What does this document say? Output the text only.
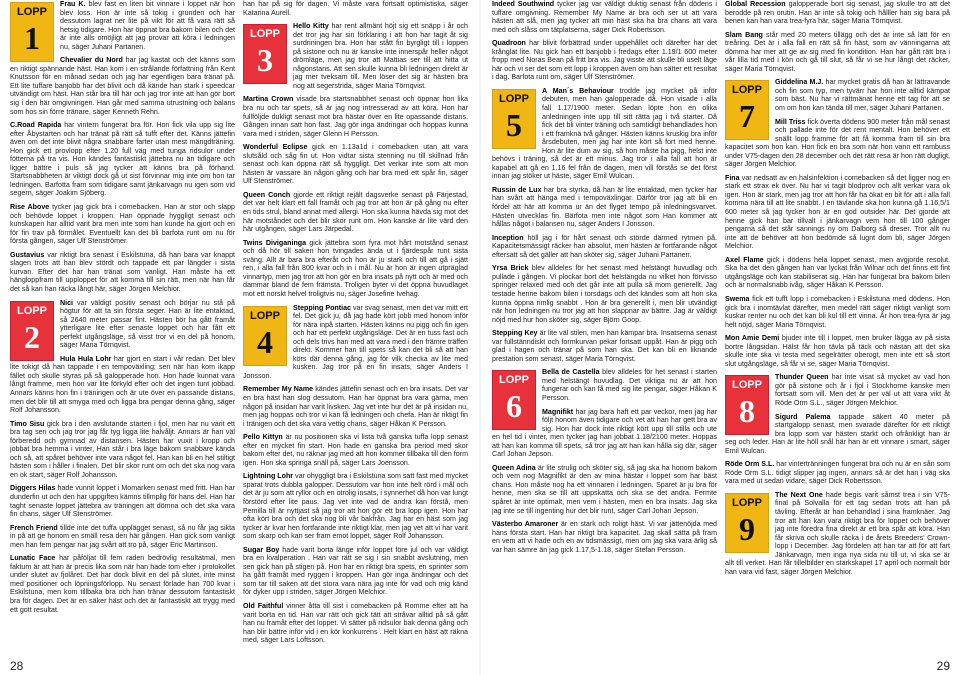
LOPP
1

Frau K. blev fast en liten bit vinnare i loppet när hon blev loss. Hon är inte så tokig i grunden och har dessutom lagrat ner lite på vikt för att få vara rätt så hetsig tidigare. Hon har öppnat bra bakom bilen och det är inte alls omöjligt att jag provar att köra i ledningen nu, säger Juhani Partanen.

Chevalier du Nord har jag kastat och det känns som en riktigt spännande häst. Han kom i en strålande författning från Kent Knutsson för en månad sedan och jag har egentligen bara tränat på. Ett lite tuffare banjobb har det blivit och då kände han stark i speedcar utvändigt om häst. Han står bra till här och jag tror inte att han gör bort sig i den här omgivningen. Han går med samma utrustning och balans som hos sin förre tränare, säger Kenneth Rehn.

C.Road Rapida har vintern fungerat bra för. Hon fick vila upp sig lite efter Åbystarten och har tränat på rätt så tufft efter det. Känns jättefin även om det inte blivit några snabbare farter utan mest mängdträning. Hon gick ett provlopp efter 1.20 full väg med tunga ridsulor under fötterna på tra vis. Hon kändes fantastiskt jättebra nu än tidigare och ligger bättre i puls så jag tycker att känns bra på förhand. Startsnabbheten är viktigt dock gå ut sist förvinnar mig inte om hon tar ledningen. Barfotta fram som tidigare samt jänkarvagn nu igen som vid segern, säger Joakim Sjöberg.

Rise Above tycker jag gick bra i comebacken. Han är stor och slapp och behövde loppet i kroppen. Han öppnade hyggligt senast och kunskapen har alltid varit bra men inte som han kunde ha gjort och en för fin trav på förmålet. Eventuellt kan det bli barfota runt om nu för första gången, säger Ulf Stenströmer.

Gustavius var riktigt bra senast i Eskilstuna, då han bara var knappt slagen trots att han blev stördt och tappade ett par längder i sista kurvan. Efter det har han tränat som vanligt. Han måste ha ett hängloppfram till upploppet för att komma till sin rätt, men när han får det så kan han räcka långt här, säger Jörgen Melchior.

LOPP
2

Nici var väldigt positiv senast och börjar nu stå på högtur för att ta sin första seger. Han är lite entaktad, så 2640 meter passar fint. Hästen bör ha gått framåt ytterligare lite efter senaste loppet och har fått ett perfekt utgångsläge, så visst tror vi en del på honom, säger Maria Törnqvist.

Hula Hula Lohr har gjort en start i vår redan. Det blev lite tokigt då han tappade i en tempoväxling; sen när han kom ikapp fället och skulle styras på så galopperade hon. Hon hade kunnat vara långt framme, men hon var lite förkyld efter och det ingen tunt jobbad. Annars känns hon fin i träningen och är ute över en passande distans, men det blir till att smyga med och ligga bra pengar denna gång, säger Rolf Johansson.

Timo Sisu gick bra i den avslutande starten i fjol, men har nu varit ett bra tag sen och jag tror jag får tyg ligga lite halvåljt. Annars är han väl förberedd och gymnad av distansen. Hästen har vuxit i kropp och jobbat bra hemma i vinter, Han står i bra läge bakom snabbare kända och så, att spåret behöver inte vara något fel. Han kan bli en hel stiltigt hästen som i håller i finalen. Det blir skor runt om och det ska nog vara en ok start, säger Rolf Johansson.

Diggers Hilas hade vunnit loppet i Momarken senast med fritt. Han har dunderfin ut och den har uppgiften kämns tillmplig för hans del. Han har taght senaste loppet jättebra av träningen att dömna och det ska vara fin chans, säger Ulf Stenströmer.

French Friend tillde inte det tuffa upplägget senast, så nu får jag sikta in på att ge honom en smäll resa den här gången. Han gick som vanligt men han fem pengar nar jag svårt att tro på, säger Eric Martinson.

Lunatic Face har påföljat till fem raden bedrövlig resultatmal, men faktum är att han är precis lika som när han hade tom efter i protokollet under slutet av fjolåret. Det har dock blivit en del på slutet, inte minst med positioner och löpningsförlopp. Nu senast förlade han 700 kvar i Eskilstuna, men kom tillbaka bra och han tränar dessutom fantastiskt bra för dagen. Det är en säker häst och det är fantastiskt att trygg med ett gott resultat.

han har på sig för dagen. Vi måste vara fortsatt optimistiska, säger Katarina Aurell.

LOPP
3

Hello Kitty har rent allmänt höjt sig ett snäpp i år och det tror jag har sin förklaring i att hon har tagit åt sig surdriningen bra. Hon har stått fin byrgligt till i loppen på sistone och nu är kanske inte innerspår heller något drömläge, men jag tror att Mattias ser till att hitta ut någonstans. Att sen skulle kunna bli ledningen direkt är jag mer tveksam till. Men löser det sig är hästen bra nog att segerstrida, säger Maria Törnqvist.

Martina Crown visade bra startsnabbhet senast och öppnar hon lika bra nu och tar spets, så är jag nog intresserad av att köra. Hon har fullföljde dukligt senast mot bra hästar över en lite opassande distans. Gången innan satt hon fast. Jag gör inga ändringar och hoppas kunna vara med i striden, säger Glenn H Persson.

Wonderful Eclipse gick en 1.13a1d i comebacken utan att vara slutsåld och såg fin ut. Hon vidtar sista stenning nu till skillnad från senast och kan öppna rätt så hyggligt. Det verkar inte som att mon hästen är vassare än någon gång och har bra med ett spår fin, säger Ulf Stenströmer.

Queen Conch gjorde ett riktigt rejält dagsverke senast på Färjestad, det var helt klart ett fall framåt och jag tror att hon är på gång nu efter en tids strul, bland annat med allergi. Hon ska kunna hävda sig mot det här motståndet och det blir skor runt om. Hon kanske är lite värd den här utgången, säger Lars Järpedal.

Twins Diviganinga gick jättebra som fyra mot hårt motstånd senast och då hör till saken hon tvingades ända ut i fjärdespår runt sista sväng. Allt är bara bra efteråt och hon är ju stark och till att gå i sjätt ren, i alla fall från 800 kvar och in i mål. Nu är hon är ingen utpräglad vinnartyp, men jag tror att hon gör en bra insats på nytt och är med och dammar bland de fem främsta. Troligen byter vi det öppna huvudlaget mot ett norskt helvel troligtvis nu, säger Josefine Ivehag.

LOPP
4

Stepping Pontiac var svag senast, men det var mitt ert fel. Det gick ju, då jag hade kört jobb med honom inför för nära inpå starten. Hästen känns nu pigg och fin igen och har ett perfekt utgångsläge. Det är en tuss fast och och dels trivs han med att vara med i den främre träffen direkt. Kommer han till spets så kan det bli så att han körs där denna gång, jag för vilk checka av lite med kusken. Jag tror på en fin insats, säger Anders I Jonsson.

Remember My Name kändes jättefin senast och en bra insats. Det var en bra häst han slog dessutom. Han har öppnat bra vara gärna, men någon på insidan har varit livsken. Jag vet inte hur det är på insidan nu, men jag hoppas och tror vi kan få ledningen och chefa. Han är riktigt fin i tränigen och det ska vara vettig chans, säger Håkan K Persson.

Pello Kittyn är nu positionen ska vi lista två ganska tuffa lopp senast efter en mycket fin start. Hon hade en ganska bra period med skor bakom efter det, nu räknar jag med att hon kommer tillbaka till den form igen. Hon ska springa snäll på, säger Lars Joensson.

Lightning Lohr var ohyggligt bra i Eskilstuna som satt fast med mycket sparat trots dubbla galopper. Dessutom var hon inte helt rörd i mål och det är ju som att ryllor och en otrolig insats, i synnerhet då hon var lungt förstörd efter lite paus. Jag vet inte vad de andra kan förstå, men Pemilla till är nyttjast så jag tror att hon gör ett bra lopp igen. Hon har ofta kört bra och det ska nog bli vår bakfrån. Jag har en häst som jag tycker är kvar hen fortfarande inte riktigt klar, men jag vet att vi har varit som skarp och kan ser fram emot loppet, säger Rolf Johansson.

Sugar Boy hade varit borta länge inför loppet före jul och var väldigt bra en kvalperation . Han var rätt se sig i sin snabbt avslutning, men sen gick han på stigen på. Hon har en riktigt bra spets, en sprinter som ha gått framåt med ryggen i kroppen. Han gör inga ändringar och det som tar till saken att det stora vara nära jag inte för vad och mig känd för dyker upp i striden, säger Jörgen Melchior.

Old Faithful vinner åtta till sist i comebacken på Romme efter att ha varit borta en tid. Han var rätt och gick tätt att stråvar alltid på så gått han nu framåt efter det loppet. Vi sätter på ridsulor bak denna gång och han blir bättre inför vid i en kör konkurrens . Helt klart en häst att räkna med, säger Lars Loftsson.

Indeed Southwind tycker jag var väldigt duktig senast från dödens i tuffare omgivning. Remember My Name är bra och ser ut att vara hästen att slå, men jag tycker att min häst ska ha bra chans att vara med och slåss om tätplatserna, säger Dick Robertsson.

Quadroon har blivit förbättrad under uppehållet och därefter har det krånglat lite. Nu gick han ett banjobb i fredags efter 1.19/1 600 meter fropp med Noras Bean på fritt bra vis. Jag visste att skulle bli uselt läge här och vi ser det som ett lopp i kroppen även om han sätter ett resultat i dag. Barfota runt om, säger Ulf Stenströmer.

LOPP
5

A Man´s Behaviour trodde jag mycket på inför debuten, men han galopperade då. Hon visade i alla fall 1.17/1900 meter. Sedan löpte hon en olika anledningen inte upp till sitt rätta jag i två starter. Då fick det bli vinter träning och samtidigt behandlades hon i ett framknä två gånger. Hästen känns kruskig bra inför årsdebuten, men jag har inte kört så fort med henne. Hon är lite dum av sig, så hon måste ha pigg, helst inte behövs i träning, så det är ett minus. Jag tror i alla fall att hon är kapabel att gå en 1.16 fel från de dagen, men vill förstås se det först innan jag stöker ut häste, säger Emil Wulcan.

Russin de Lux har bra styrka, då han är lite entaktad, men tycker har han svårt att hänga med i tempoväxlingar. Därför tror jag att bli en fördel att här att komma ur än det flyget tempo på inledningsvarvet. Hästen utvecklas fin. Bärfota men inte något som Han kommer att hållas något i balansen nu, säger Anders I Jonsson.

Inception höll jag i för hårt senast och störde därmed rytmen på. Kapacitetsmässigt räcker han absolut, men hästen är fortfarande något eftersatt så det gäller att han sköter sig, säger Juhani Partanen.

Yrsa Brick blev alldeles för het senast med helstängt huvudlag och pullade i gången. Vi plockar bort det helstängda nu vilket hon förvisso springer relaxed med och det går inte att pulla så mom generellt. Jag testade henne bakom bilen i torsdags och det kändes som att hon ska kunna öppna rimlig snabbt . Hon är bra generellt i, men blir utvändigt när hon ledningen nu tror jag att hon slappnar av bättre. Jag är väldigt nöjd med hur hon sköter sig, säger Björn Goop.

Stepping Key är lite väl stilen, men han kämpar bra. Insatserna senast var fullstänndiskt och formkurvan pekar fortsatt uppåt. Han är pigg och glad i hagen och tränar på som han ska. Det kan bli en liknande prestation som senast, säger Maria Törnqvist.

LOPP
6

Bella de Castella blev alldeles för het senast i starten med helstängt huvudlag. Det viktiga nu är att hon fungerar och kan få med sig lite pengar, säger Håkan K Persson.

Magnifikt har jag bara haft ett par veckor, men jag har följt honom även tidigare och vet att han har gett bra av sig. Hon har dock inte riktigt kört upp till stilla och ute en hel tid i vinter, men tycker jag han jobbat 1.18/2100 meter. Hoppas att han kan komma till spets, så tror jag att han kan hålla sig där, säger Carl Johan Jepson.

Queen Adina är lite strulig och sköter sig, så jag ska ha honom bakom och vem nog Magnifikt är den av mina hästar i loppet som har bäst chans. Hon måste nog ha ett vinnaren i ledningen. Sparet är ju bra för henne, men ska se till att uppskatta och ska se det andra. Fermte spåret är inte optimalt, men vem i hästen, men en bra insats. Jag ska jag inte se till ingenting hur det blir runt, säger Carl Johan Jepson.

Västerbo Amaroner är en stark och roligt häst. Vi var jättenöjda med hans första start. Han har riktigt bra kapacitet. Jag skall sätta på fram en vem att vi hade och en av tidsmässigt, men om jag ska vara ärlig så var han sämre än jag gick 1.17,5-1.18, säger Stefan Persson.

Global Recession galopperade bort sig senast, jag skulle tro att det berodde på ren orutin. Han är inte så tokig och hålller han sig bara på benen kan han vara trea-fyra här, säger Maria Törnqvist.

Slam Bang står med 20 meters tillägg och det är inte så lätt för en treåring. Det är i alla fall en rätt så fin häst, som av vänningarna att dömma har mer att ge av sig med fin kondition. Han har gått rätt bra i vår lilla tid med i kön och gå till slut, så får vi se hur långt det räcker, säger Maria Törnqvist.

LOPP
7

Giddelina M.J. har mycket gratis då han är lättravande och fin som typ, men tyvärr har hon inte alltid kämpat som bäst. Nu har vi rättmänat henne ett tag för att se om om hon kan tända till mer, säger Juhani Partanen.

Mill Triss fick överta dödens 900 meter från mål senast och pallade inte för det rent mentalt. Hon behöver ett snällt lopp framme för att få komma fram till sin bra kapacitet som hon kan. Hon fick en bra som när hon vann ett rambuss under V75-dagen den 28 december och det rätt resa är hon rätt dugligt, säger Jörgen Melchior.

Fina var nedsatt av en halsinfektion i comebacken så det ligger nog en stark ett strax ek över. Nu har vi tagit blodprov och allt verkar vara ok igen. Hon är stark, men jag tror att hon får ha ökat en bit för att i alla fall komma nära till att lite snabbt. I en tävlande ska hon kunna gå 1.16,5/1 600 meter så jag tycker hon är en god outsider här. Det gjorde att henne gick han bar tillvalt i jänkarvagn vem hon till 100 gånger pengarna så det står sannings ny om Dalborg så dreser. Tror allt nu inte att de behöver att hon bedömde så lugnt dom bli, säger Jörgen Melchior.

Axel Flame gick i dödens hela loppet senast, men avgjorde resolut. Ska ha det den gången han var lyckat från Wilnar och det finns ett fint utgångsläge och kan stabiliserat sig. Han har fungerat bra bakom bilen och är normalsnabb ivåg, säger Håkan K Persson.

Swema fick ett tufft lopp i comebacken i Eskilstuna med dödens. Hon gick bra i inomtävlat därefter, men medel rätt säger riktigt vanligt som kuskar renter nu och det kan bli kul till ett vinna. Är hon trea-fyra är jag helt nöjd, säger Maria Törnqvist.

Mon Amie Demi bjuder inte till i loppet, men bruker lägga av på sista bortre långsidan. Hälst får hon tävla på täck och nästan att det ska skulle inte ska vi testa med segelrätter oberogt, men inte ett så stort slut utgångsläge, så får vi se, säger Maria Törnqvist.

LOPP
8

Thunder Queen har inte visat så mycket av vad hon gör på sistone och år i fjol i Stockhome kanske men fortsatt som vill. Men det är per väl ut att vara vikt åt Röde Orm S.L., säger Jörgen Melchior.

Sigurd Palema tappade säkert 40 meter på startgalopp senast, men svarade därefter för ett riktigt bra lopp som var hästen starkt och ofrånkligt han är seg och leder. Han är lite höll snål här han är ett vinnare i smart, säger Emil Wulcan.

Röde Orm S.L. har vintertränningen fungerat bra och nu är en sån som Röde Orm S.L. tidigt slipper jag ingen, annars så är det han i väg ska vara med ut sedan vidare, säger Dick Robertsson.

LOPP
9

The Next One hade begis varit såmst trea i sin V75-final på Solvalla för ett tag sedan trots att han på tävling. Efteråt är han behandlad i sina framknäer. Jag tror att han kan vara riktigt bra för loppet och behöver jag inte föredra fina direkt är ett bra spår att köra. Han får skriva och skulle räcka i de årets Breeders' Crown-lopp i December. Jag fördelen att han tar att för att fart Jänkarvagn, men inga nya sida nu till ut, vi ska se är allt till verket. Han får tillelbilder en starkskapet 17 april och normalt bör han vara vid fast, säger Jörgen Melchior.

28	29
